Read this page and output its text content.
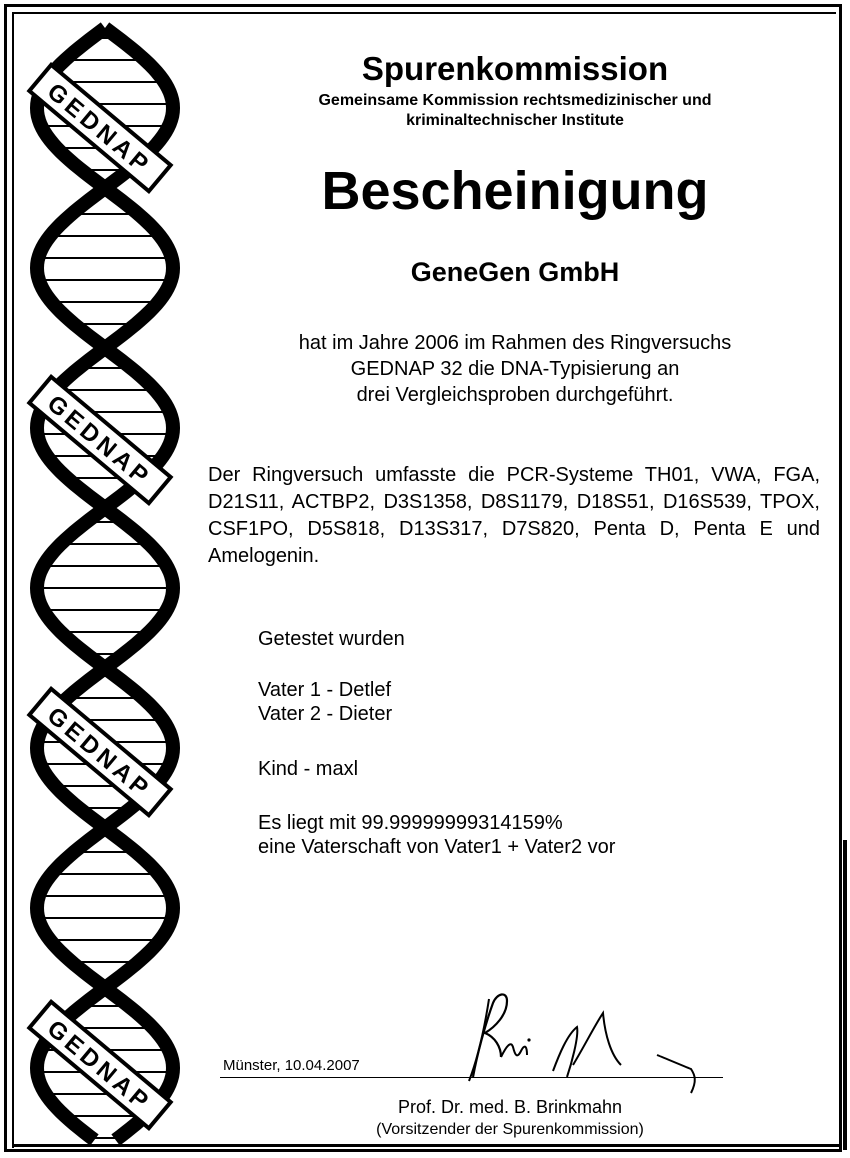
GEDNAP
GEDNAP
GEDNAP
GEDNAP
Spurenkommission
Gemeinsame Kommission rechtsmedizinischer und
kriminaltechnischer Institute
Bescheinigung
GeneGen GmbH
hat im Jahre 2006 im Rahmen des Ringversuchs
GEDNAP 32 die DNA-Typisierung an
drei Vergleichsproben durchgeführt.
Der Ringversuch umfasste die PCR-Systeme TH01, VWA, FGA, D21S11, ACTBP2, D3S1358, D8S1179, D18S51, D16S539, TPOX, CSF1PO, D5S818, D13S317, D7S820, Penta D, Penta E und Amelogenin.
Getestet wurden
Vater 1 - Detlef
Vater 2 - Dieter
Kind - maxl
Es liegt mit 99.99999999314159%
eine Vaterschaft von Vater1 + Vater2 vor
Münster, 10.04.2007
Prof. Dr. med. B. Brinkmahn
(Vorsitzender der Spurenkommission)
